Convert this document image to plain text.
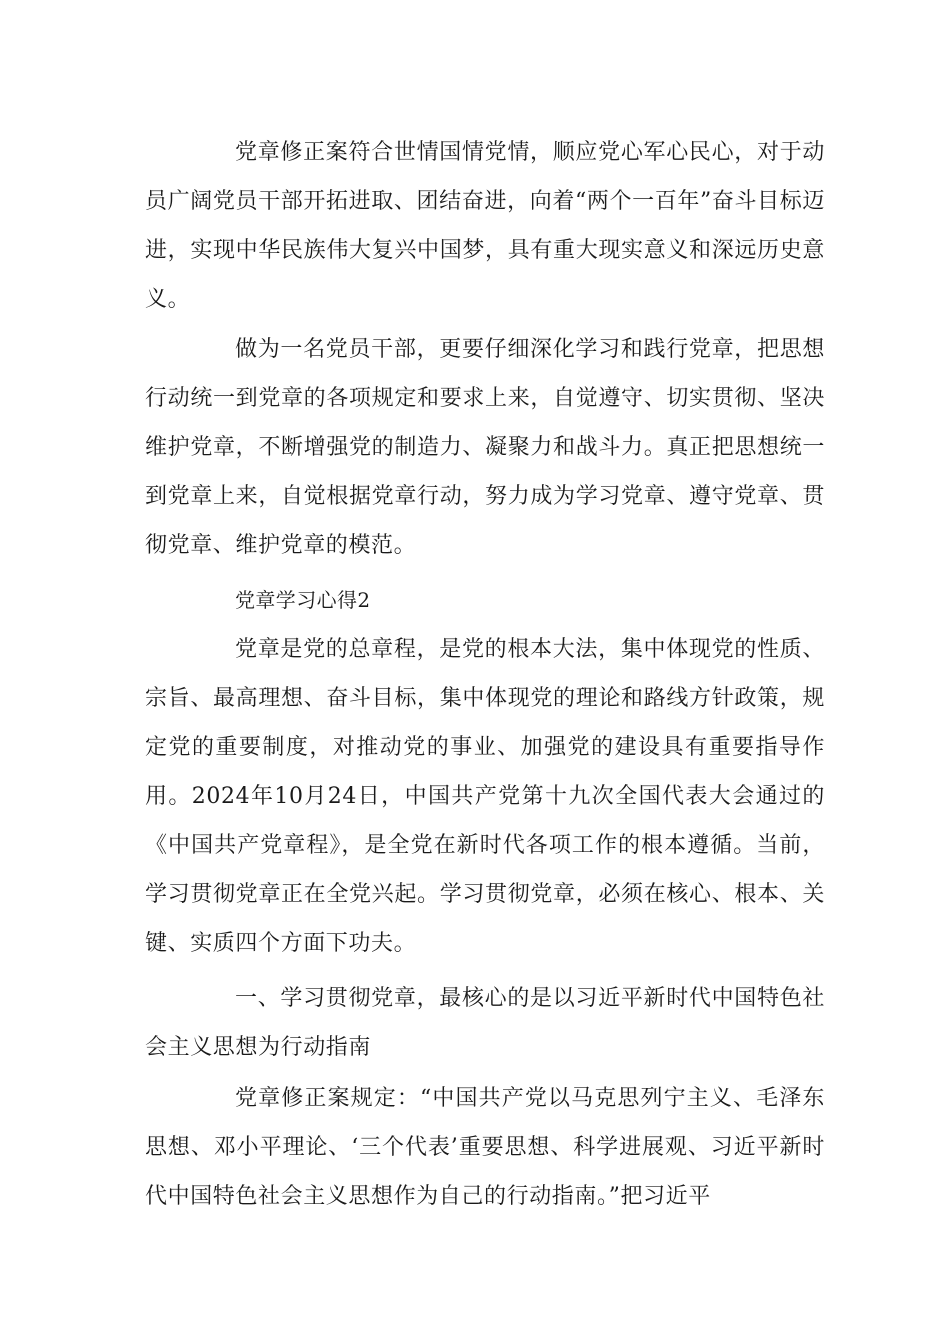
党章修正案符合世情国情党情，顺应党心军心民心，对于动员广阔党员干部开拓进取、团结奋进，向着“两个一百年”奋斗目标迈进，实现中华民族伟大复兴中国梦，具有重大现实意义和深远历史意义。

做为一名党员干部，更要仔细深化学习和践行党章，把思想行动统一到党章的各项规定和要求上来，自觉遵守、切实贯彻、坚决维护党章，不断增强党的制造力、凝聚力和战斗力。真正把思想统一到党章上来，自觉根据党章行动，努力成为学习党章、遵守党章、贯彻党章、维护党章的模范。

党章学习心得2

党章是党的总章程，是党的根本大法，集中体现党的性质、宗旨、最高理想、奋斗目标，集中体现党的理论和路线方针政策，规定党的重要制度，对推动党的事业、加强党的建设具有重要指导作用。2024年10月24日，中国共产党第十九次全国代表大会通过的《中国共产党章程》，是全党在新时代各项工作的根本遵循。当前，学习贯彻党章正在全党兴起。学习贯彻党章，必须在核心、根本、关键、实质四个方面下功夫。

一、学习贯彻党章，最核心的是以习近平新时代中国特色社会主义思想为行动指南

党章修正案规定：“中国共产党以马克思列宁主义、毛泽东思想、邓小平理论、‘三个代表’重要思想、科学进展观、习近平新时代中国特色社会主义思想作为自己的行动指南。”把习近平
